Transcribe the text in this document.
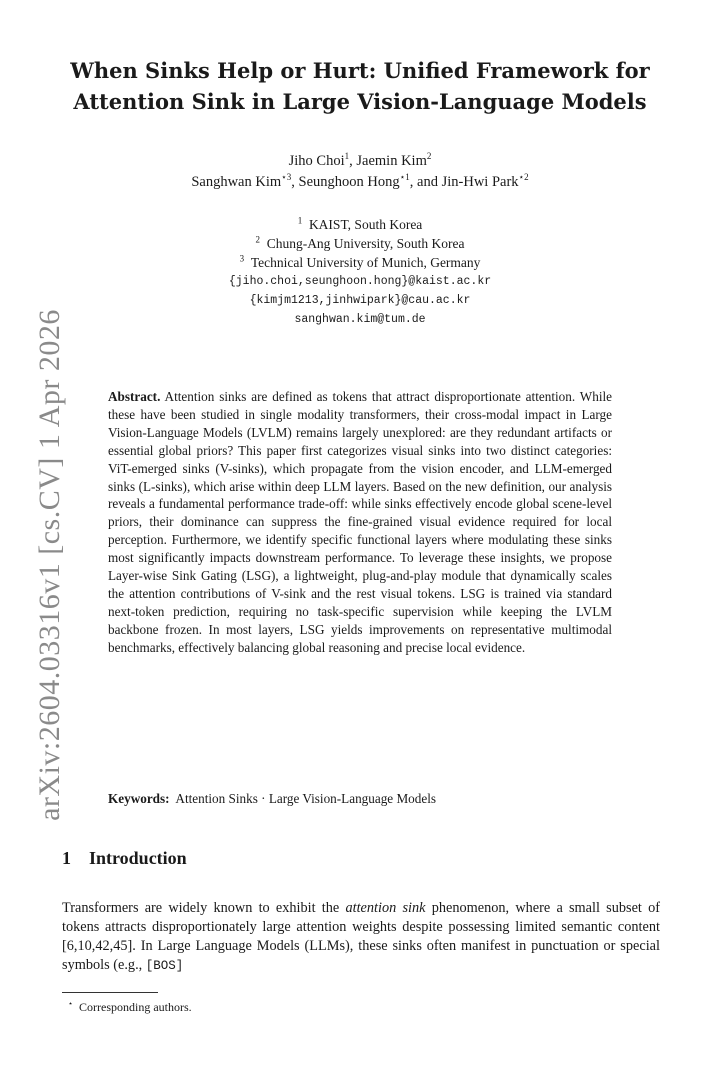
arXiv:2604.03316v1 [cs.CV] 1 Apr 2026
When Sinks Help or Hurt: Unified Framework for
Attention Sink in Large Vision-Language Models
Jiho Choi$^1$, Jaemin Kim$^2$
Sanghwan Kim$^{⋆3}$, Seunghoon Hong$^{⋆1}$, and Jin-Hwi Park$^{⋆2}$
$^1$ KAIST, South Korea
$^2$ Chung-Ang University, South Korea
$^3$ Technical University of Munich, Germany
{jiho.choi,seunghoon.hong}@kaist.ac.kr
{kimjm1213,jinhwipark}@cau.ac.kr
sanghwan.kim@tum.de
Abstract. Attention sinks are defined as tokens that attract disproportionate attention. While these have been studied in single modality transformers, their cross-modal impact in Large Vision-Language Models (LVLM) remains largely unexplored: are they redundant artifacts or essential global priors? This paper first categorizes visual sinks into two distinct categories: ViT-emerged sinks (V-sinks), which propagate from the vision encoder, and LLM-emerged sinks (L-sinks), which arise within deep LLM layers. Based on the new definition, our analysis reveals a fundamental performance trade-off: while sinks effectively encode global scene-level priors, their dominance can suppress the fine-grained visual evidence required for local perception. Furthermore, we identify specific functional layers where modulating these sinks most significantly impacts downstream performance. To leverage these insights, we propose Layer-wise Sink Gating (LSG), a lightweight, plug-and-play module that dynamically scales the attention contributions of V-sink and the rest visual tokens. LSG is trained via standard next-token prediction, requiring no task-specific supervision while keeping the LVLM backbone frozen. In most layers, LSG yields improvements on representative multimodal benchmarks, effectively balancing global reasoning and precise local evidence.
Keywords: Attention Sinks · Large Vision-Language Models
1 Introduction
Transformers are widely known to exhibit the attention sink phenomenon, where a small subset of tokens attracts disproportionately large attention weights despite possessing limited semantic content [6,10,42,45]. In Large Language Models (LLMs), these sinks often manifest in punctuation or special symbols (e.g., [BOS]
⋆ Corresponding authors.
